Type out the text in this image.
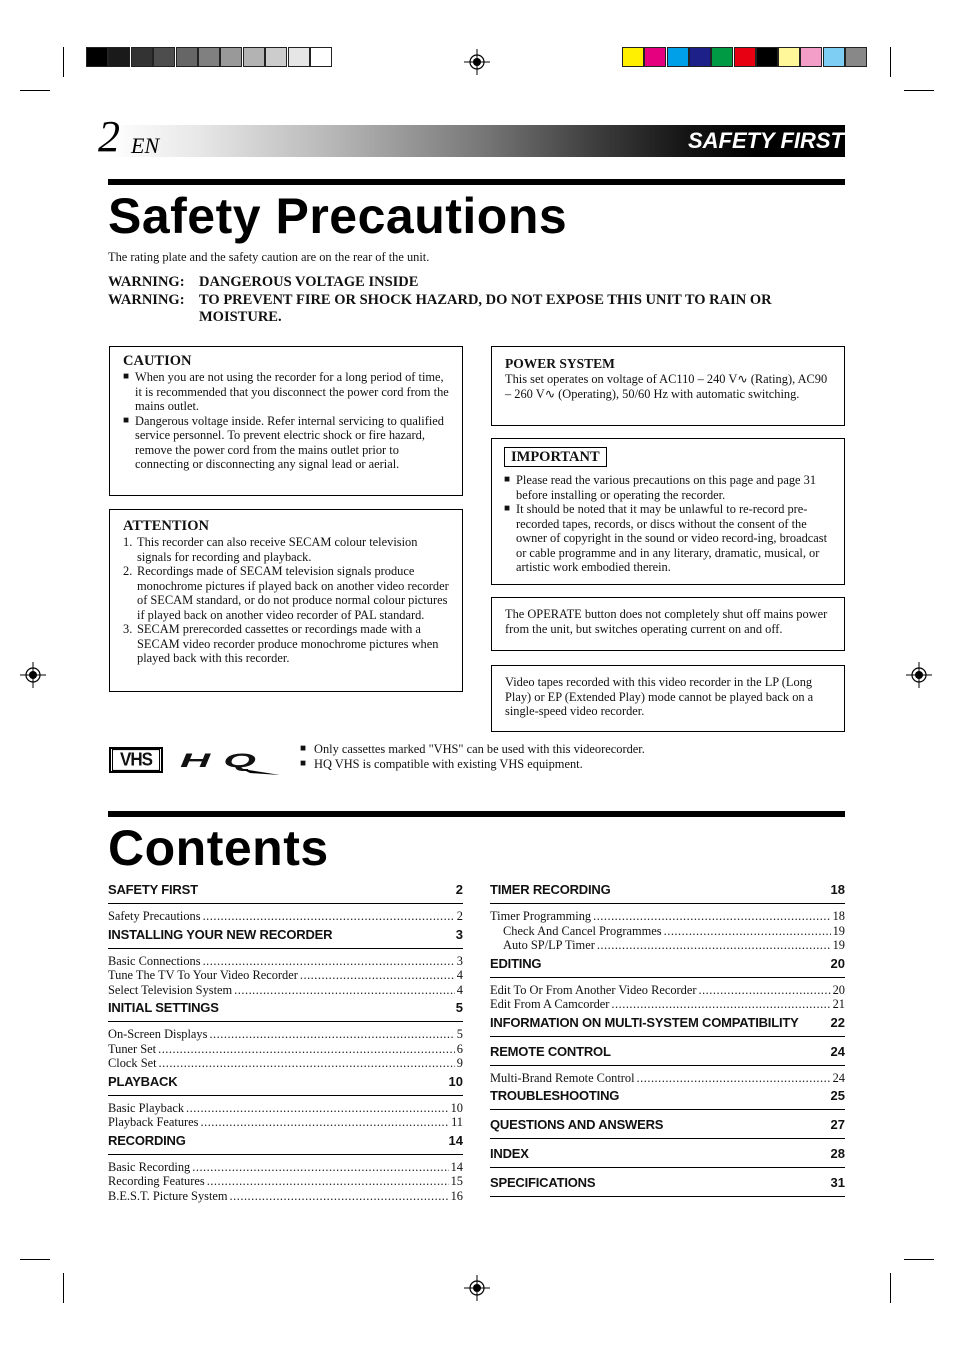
2 EN	SAFETY FIRST
Safety Precautions
The rating plate and the safety caution are on the rear of the unit.
WARNING: DANGEROUS VOLTAGE INSIDE
WARNING: TO PREVENT FIRE OR SHOCK HAZARD, DO NOT EXPOSE THIS UNIT TO RAIN OR MOISTURE.
CAUTION
■ When you are not using the recorder for a long period of time, it is recommended that you disconnect the power cord from the mains outlet.
■ Dangerous voltage inside. Refer internal servicing to qualified service personnel. To prevent electric shock or fire hazard, remove the power cord from the mains outlet prior to connecting or disconnecting any signal lead or aerial.
ATTENTION
1. This recorder can also receive SECAM colour television signals for recording and playback.
2. Recordings made of SECAM television signals produce monochrome pictures if played back on another video recorder of SECAM standard, or do not produce normal colour pictures if played back on another video recorder of PAL standard.
3. SECAM prerecorded cassettes or recordings made with a SECAM video recorder produce monochrome pictures when played back with this recorder.
POWER SYSTEM
This set operates on voltage of AC110 – 240 V∿ (Rating), AC90 – 260 V∿ (Operating), 50/60 Hz with automatic switching.
IMPORTANT
■ Please read the various precautions on this page and page 31 before installing or operating the recorder.
■ It should be noted that it may be unlawful to re-record pre-recorded tapes, records, or discs without the consent of the owner of copyright in the sound or video record-ing, broadcast or cable programme and in any literary, dramatic, musical, or artistic work embodied therein.
The OPERATE button does not completely shut off mains power from the unit, but switches operating current on and off.
Video tapes recorded with this video recorder in the LP (Long Play) or EP (Extended Play) mode cannot be played back on a single-speed video recorder.
VHS	HQ
■ Only cassettes marked "VHS" can be used with this videorecorder.
■ HQ VHS is compatible with existing VHS equipment.
Contents
SAFETY FIRST	2
Safety Precautions .....	2
INSTALLING YOUR NEW RECORDER	3
Basic Connections .....	3
Tune The TV To Your Video Recorder .....	4
Select Television System .....	4
INITIAL SETTINGS	5
On-Screen Displays .....	5
Tuner Set .....	6
Clock Set .....	9
PLAYBACK	10
Basic Playback .....	10
Playback Features .....	11
RECORDING	14
Basic Recording .....	14
Recording Features .....	15
B.E.S.T. Picture System .....	16
TIMER RECORDING	18
Timer Programming .....	18
Check And Cancel Programmes .....	19
Auto SP/LP Timer .....	19
EDITING	20
Edit To Or From Another Video Recorder .....	20
Edit From A Camcorder .....	21
INFORMATION ON MULTI-SYSTEM COMPATIBILITY 22
REMOTE CONTROL	24
Multi-Brand Remote Control .....	24
TROUBLESHOOTING	25
QUESTIONS AND ANSWERS	27
INDEX	28
SPECIFICATIONS	31
